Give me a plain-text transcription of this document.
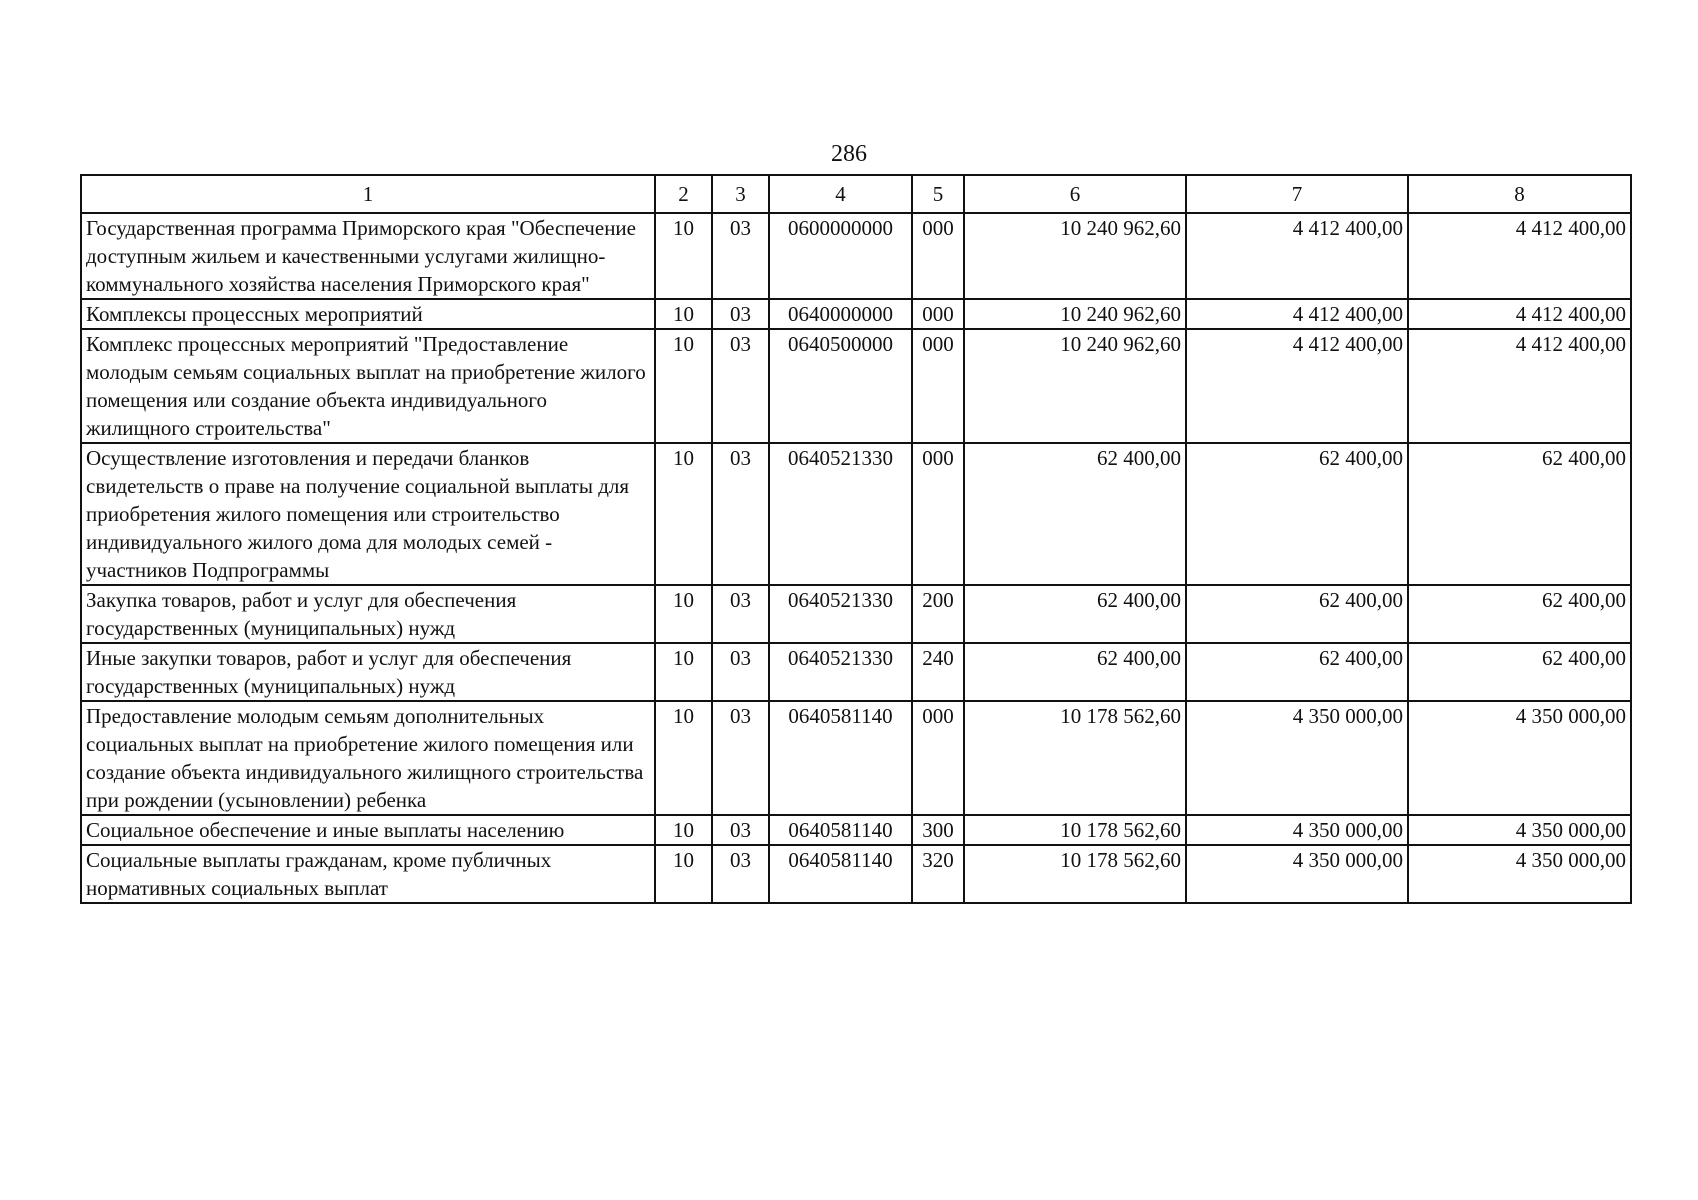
286
1	2	3	4	5	6	7	8
Государственная программа Приморского края "Обеспечение доступным жильем и качественными услугами жилищно-коммунального хозяйства населения Приморского края"	10	03	0600000000	000	10 240 962,60	4 412 400,00	4 412 400,00
Комплексы процессных мероприятий	10	03	0640000000	000	10 240 962,60	4 412 400,00	4 412 400,00
Комплекс процессных мероприятий "Предоставление молодым семьям социальных выплат на приобретение жилого помещения или создание объекта индивидуального жилищного строительства"	10	03	0640500000	000	10 240 962,60	4 412 400,00	4 412 400,00
Осуществление изготовления и передачи бланков свидетельств о праве на получение социальной выплаты для приобретения жилого помещения или строительство индивидуального жилого дома для молодых семей - участников Подпрограммы	10	03	0640521330	000	62 400,00	62 400,00	62 400,00
Закупка товаров, работ и услуг для обеспечения государственных (муниципальных) нужд	10	03	0640521330	200	62 400,00	62 400,00	62 400,00
Иные закупки товаров, работ и услуг для обеспечения государственных (муниципальных) нужд	10	03	0640521330	240	62 400,00	62 400,00	62 400,00
Предоставление молодым семьям дополнительных социальных выплат на приобретение жилого помещения или создание объекта индивидуального жилищного строительства при рождении (усыновлении) ребенка	10	03	0640581140	000	10 178 562,60	4 350 000,00	4 350 000,00
Социальное обеспечение и иные выплаты населению	10	03	0640581140	300	10 178 562,60	4 350 000,00	4 350 000,00
Социальные выплаты гражданам, кроме публичных нормативных социальных выплат	10	03	0640581140	320	10 178 562,60	4 350 000,00	4 350 000,00
